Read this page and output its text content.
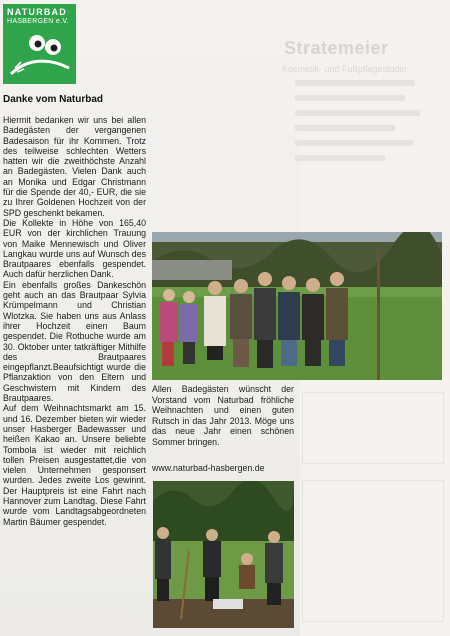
Stratemeier
Kosmetik- und Fußpflegestudio
NATURBAD
HASBERGEN e.V.
Danke vom Naturbad

Hiermit bedanken wir uns bei allen Badegästen der vergangenen Badesaison für ihr Kommen. Trotz des teilweise schlechten Wetters hatten wir die zweithöchste Anzahl an Badegästen. Vielen Dank auch an Monika und Edgar Christmann für die Spende der 40,- EUR, die sie zu Ihrer Goldenen Hochzeit von der SPD geschenkt bekamen.

Die Kollekte in Höhe von 165,40 EUR von der kirchlichen Trauung von Maike Mennewisch und Oliver Langkau wurde uns auf Wunsch des Brautpaares ebenfalls gespendet. Auch dafür herzlichen Dank.

Ein ebenfalls großes Dankeschön geht auch an das Brautpaar Sylvia Krümpelmann und Christian Wlotzka. Sie haben uns aus Anlass ihrer Hochzeit einen Baum gespendet. Die Rotbuche wurde am 30. Oktober unter tatkräftiger Mithilfe des Brautpaares eingepflanzt.Beaufsichtigt wurde die Pflanzaktion von den Eltern und Geschwistern mit Kindern des Brautpaares.

Auf dem Weihnachtsmarkt am 15. und 16. Dezember bieten wir wieder unser Hasberger Badewasser und heißen Kakao an. Unsere beliebte Tombola ist wieder mit reichlich tollen Preisen ausgestattet,die von vielen Unternehmen gesponsert wurden. Jedes zweite Los gewinnt. Der Hauptpreis ist eine Fahrt nach Hannover zum Landtag. Diese Fahrt wurde vom Landtagsabgeordneten Martin Bäumer gespendet.

Allen Badegästen wünscht der Vorstand vom Naturbad fröhliche Weihnachten und einen guten Rutsch in das Jahr 2013. Möge uns das neue Jahr einen schönen Sommer bringen.
www.naturbad-hasbergen.de
